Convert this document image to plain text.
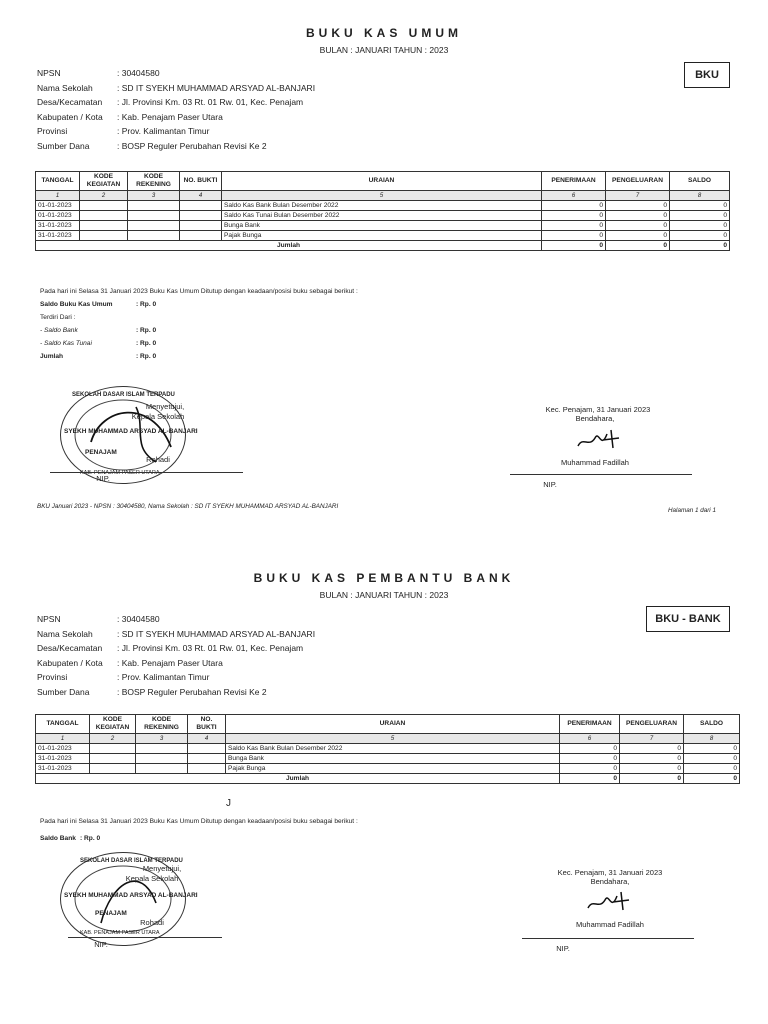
BUKU KAS UMUM
BULAN : JANUARI TAHUN : 2023
BKU
NPSN	: 30404580
Nama Sekolah	: SD IT SYEKH MUHAMMAD ARSYAD AL-BANJARI
Desa/Kecamatan : Jl. Provinsi Km. 03 Rt. 01 Rw. 01, Kec. Penajam
Kabupaten / Kota : Kab. Penajam Paser Utara
Provinsi	: Prov. Kalimantan Timur
Sumber Dana	: BOSP Reguler Perubahan Revisi Ke 2
TANGGAL	KODE KEGIATAN	KODE REKENING	NO. BUKTI	URAIAN	PENERIMAAN	PENGELUARAN	SALDO
1	2	3	4	5	6	7	8
01-01-2023				Saldo Kas Bank Bulan Desember 2022	0	0	0
01-01-2023				Saldo Kas Tunai Bulan Desember 2022	0	0	0
31-01-2023				Bunga Bank	0	0	0
31-01-2023				Pajak Bunga	0	0	0
Jumlah					0	0	0
Pada hari ini Selasa 31 Januari 2023 Buku Kas Umum Ditutup dengan keadaan/posisi buku sebagai berikut :
Saldo Buku Kas Umum	: Rp. 0
Terdiri Dari :
- Saldo Bank	: Rp. 0
- Saldo Kas Tunai	: Rp. 0
Jumlah	: Rp. 0
SEKOLAH DASAR ISLAM TERPADU
SYEKH MUHAMMAD ARSYAD AL-BANJARI
PENAJAM
KAB. PENAJAM PASER UTARA
Menyetujui,
Kepala Sekolah
Rohadi
NIP.
Kec. Penajam, 31 Januari 2023
Bendahara,
Muhammad Fadillah
NIP.
BKU Januari 2023 - NPSN : 30404580, Nama Sekolah : SD IT SYEKH MUHAMMAD ARSYAD AL-BANJARI
Halaman 1 dari 1
BUKU KAS PEMBANTU BANK
BULAN : JANUARI TAHUN : 2023
BKU - BANK
NPSN	: 30404580
Nama Sekolah	: SD IT SYEKH MUHAMMAD ARSYAD AL-BANJARI
Desa/Kecamatan : Jl. Provinsi Km. 03 Rt. 01 Rw. 01, Kec. Penajam
Kabupaten / Kota : Kab. Penajam Paser Utara
Provinsi	: Prov. Kalimantan Timur
Sumber Dana	: BOSP Reguler Perubahan Revisi Ke 2
TANGGAL	KODE KEGIATAN	KODE REKENING	NO. BUKTI	URAIAN	PENERIMAAN	PENGELUARAN	SALDO
1	2	3	4	5	6	7	8
01-01-2023				Saldo Kas Bank Bulan Desember 2022	0	0	0
31-01-2023				Bunga Bank	0	0	0
31-01-2023				Pajak Bunga	0	0	0
Jumlah					0	0	0
J
Pada hari ini Selasa 31 Januari 2023 Buku Kas Umum Ditutup dengan keadaan/posisi buku sebagai berikut :
Saldo Bank : Rp. 0
SEKOLAH DASAR ISLAM TERPADU
SYEKH MUHAMMAD ARSYAD AL-BANJARI
PENAJAM
KAB. PENAJAM PASER UTARA
Menyetujui,
Kepala Sekolah
Rohadi
NIP.
Kec. Penajam, 31 Januari 2023
Bendahara,
Muhammad Fadillah
NIP.
